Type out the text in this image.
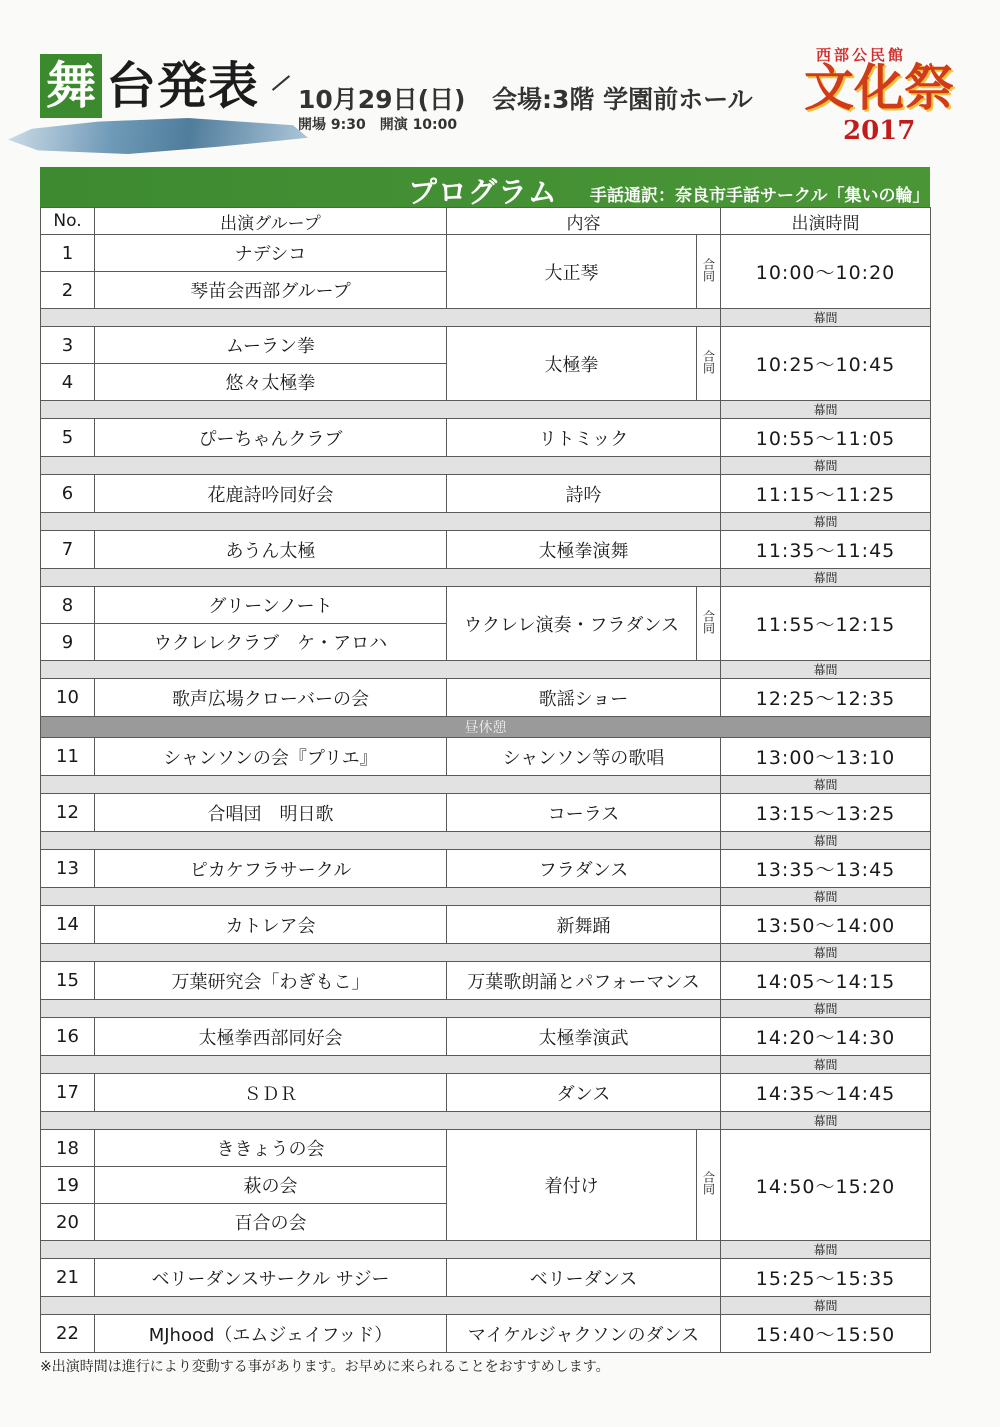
舞 台発表 10月29日(日)
開場 9:30　開演 10:00
会場:3階 学園前ホール
西部公民館
文化祭
2017
プログラム 手話通訳：奈良市手話サークル「集いの輪」
No.	出演グループ	内容		出演時間
1	ナデシコ	大正琴	合同	10:00～10:20
2	琴苗会西部グループ			
				幕間
3	ムーラン拳	太極拳	合同	10:25～10:45
4	悠々太極拳			
				幕間
5	ぴーちゃんクラブ	リトミック		10:55～11:05
				幕間
6	花鹿詩吟同好会	詩吟		11:15～11:25
				幕間
7	あうん太極	太極拳演舞		11:35～11:45
				幕間
8	グリーンノート	ウクレレ演奏・フラダンス	合同	11:55～12:15
9	ウクレレクラブ　ケ・アロハ			
				幕間
10	歌声広場クローバーの会	歌謡ショー		12:25～12:35
昼休憩				
11	シャンソンの会『プリエ』	シャンソン等の歌唱		13:00～13:10
				幕間
12	合唱団　明日歌	コーラス		13:15～13:25
				幕間
13	ピカケフラサークル	フラダンス		13:35～13:45
				幕間
14	カトレア会	新舞踊		13:50～14:00
				幕間
15	万葉研究会「わぎもこ」	万葉歌朗誦とパフォーマンス		14:05～14:15
				幕間
16	太極拳西部同好会	太極拳演武		14:20～14:30
				幕間
17	ＳＤＲ	ダンス		14:35～14:45
				幕間
18	ききょうの会	着付け	合同	14:50～15:20
19	萩の会			
20	百合の会			
				幕間
21	ベリーダンスサークル サジー	ベリーダンス		15:25～15:35
				幕間
22	MJhood（エムジェイフッド）	マイケルジャクソンのダンス		15:40～15:50
※出演時間は進行により変動する事があります。お早めに来られることをおすすめします。
